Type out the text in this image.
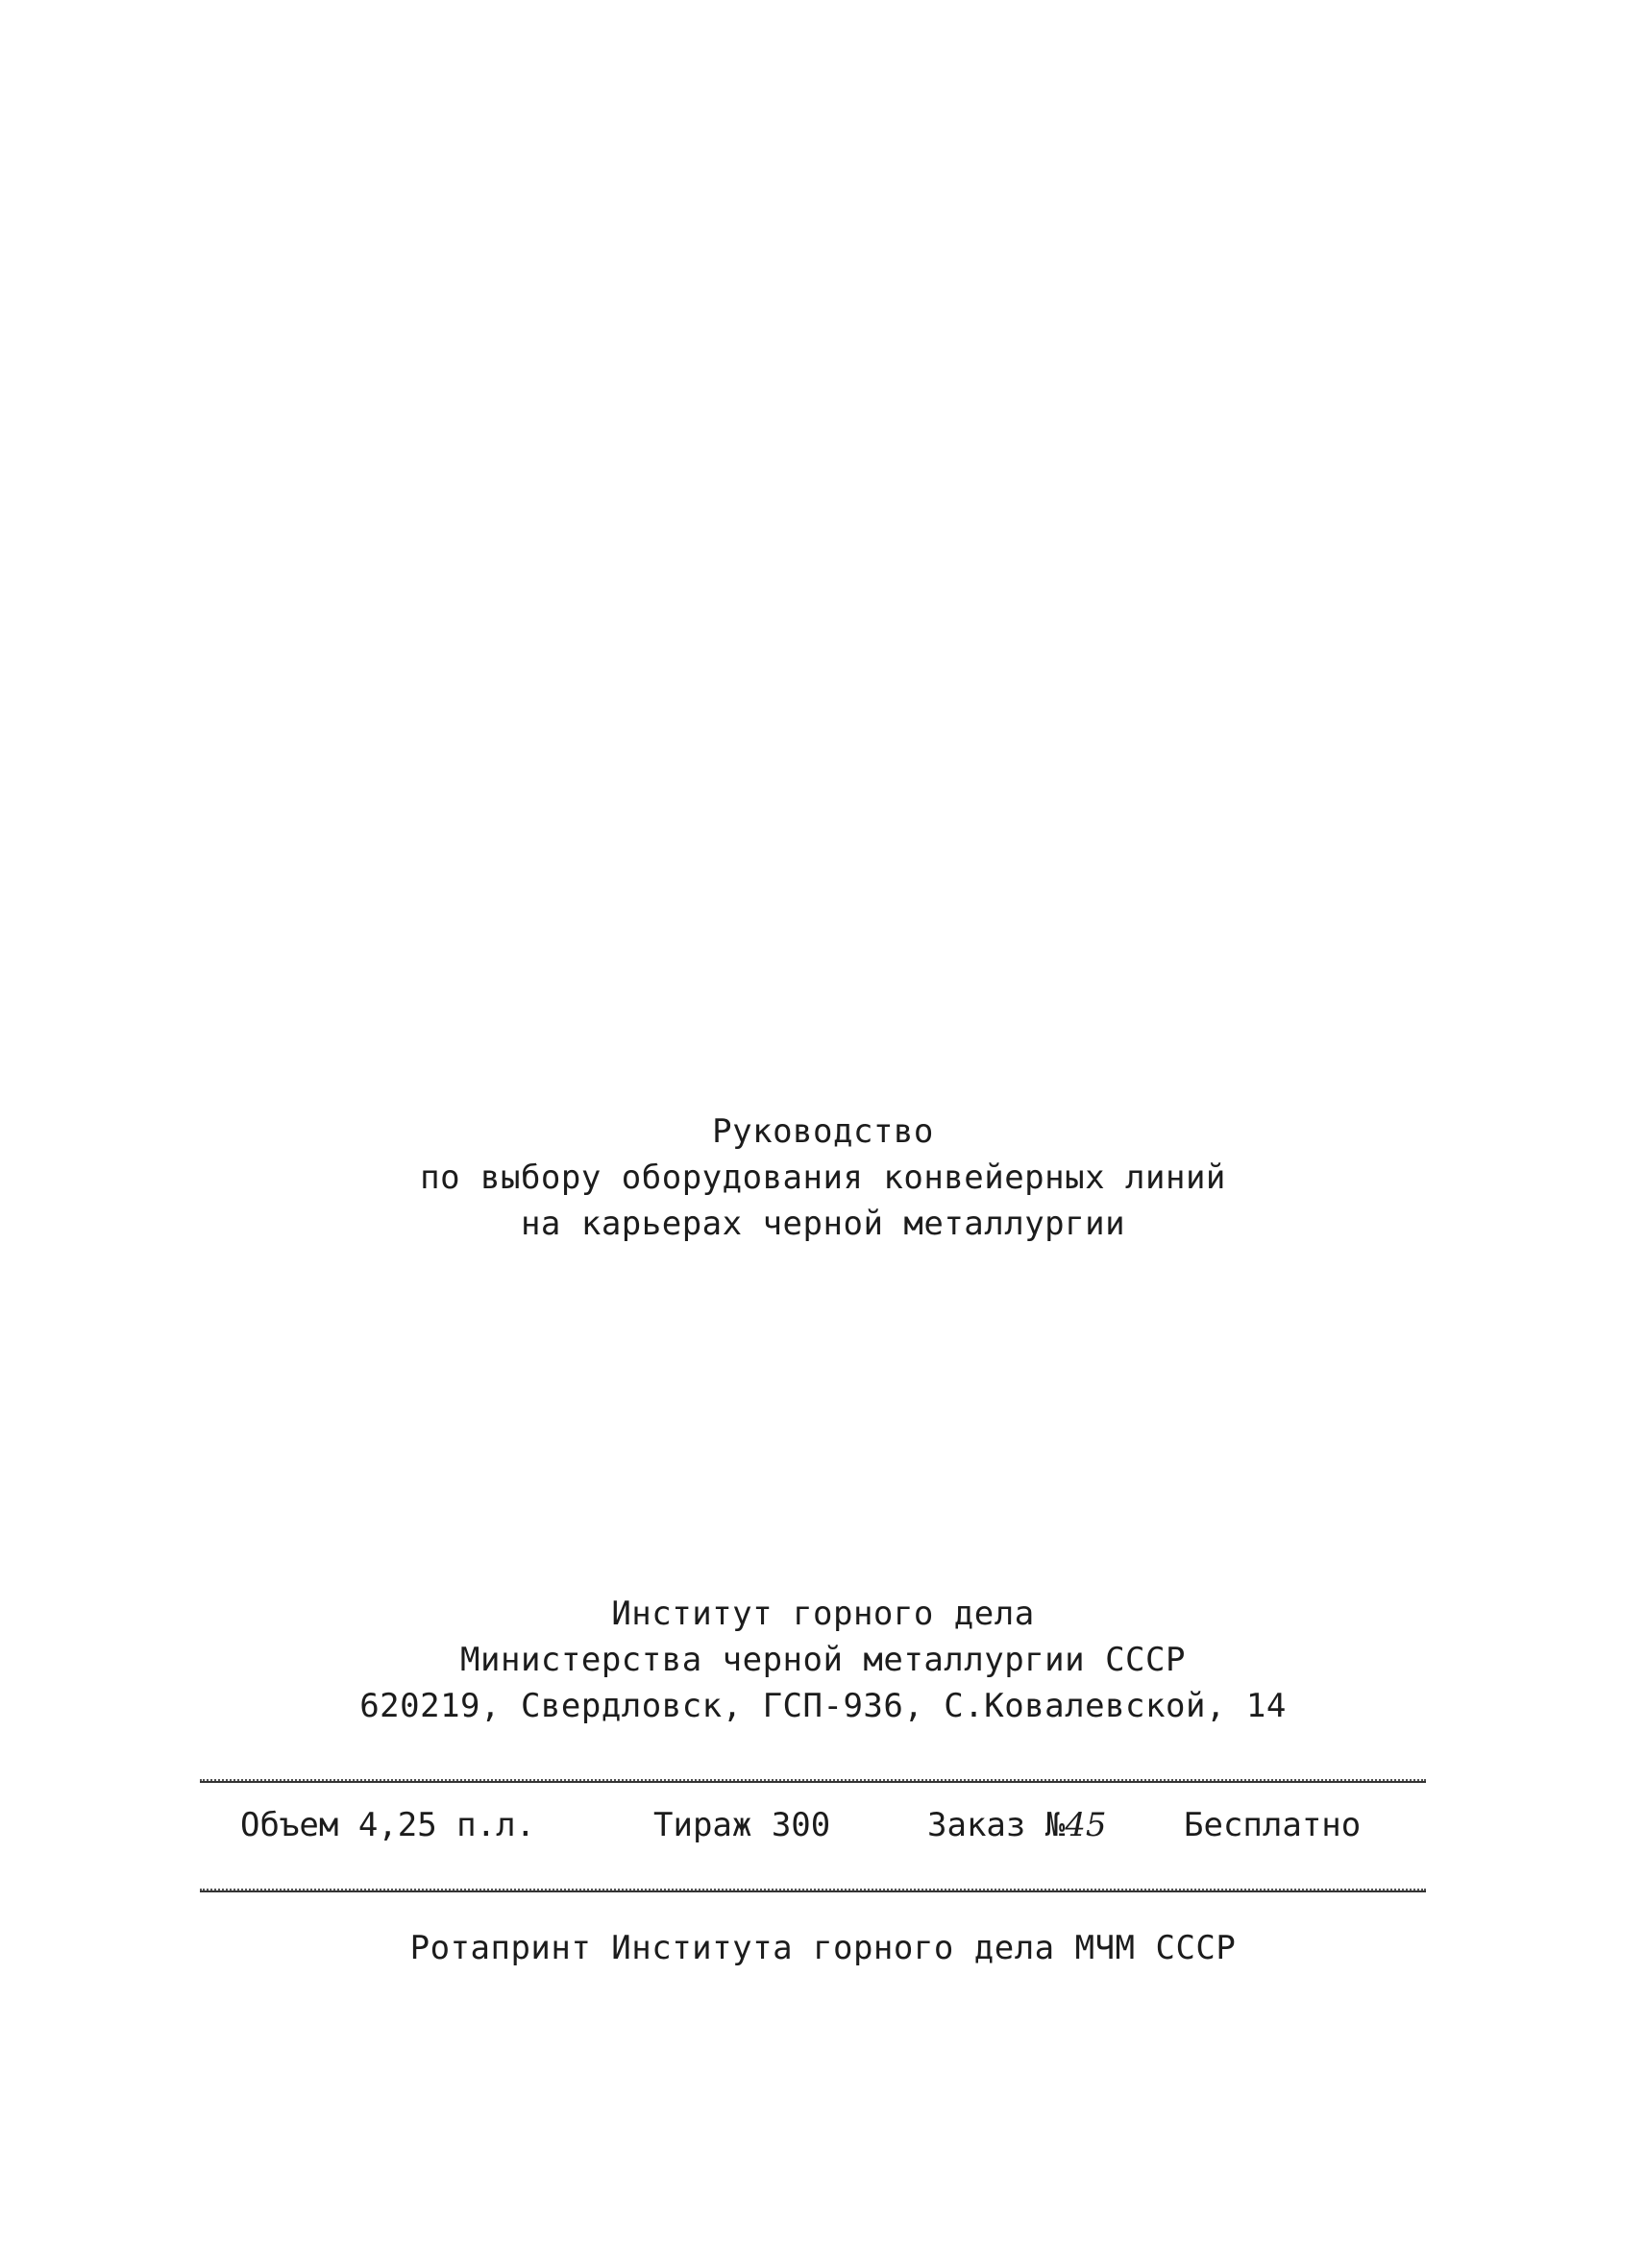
Руководство
по выбору оборудования конвейерных линий
на карьерах черной металлургии
Институт горного дела
Министерства черной металлургии СССР
620219, Свердловск, ГСП-936, С.Ковалевской, 14
Объем 4,25 п.л.	Тираж 300	Заказ №45 Бесплатно
Ротапринт Института горного дела МЧМ СССР
